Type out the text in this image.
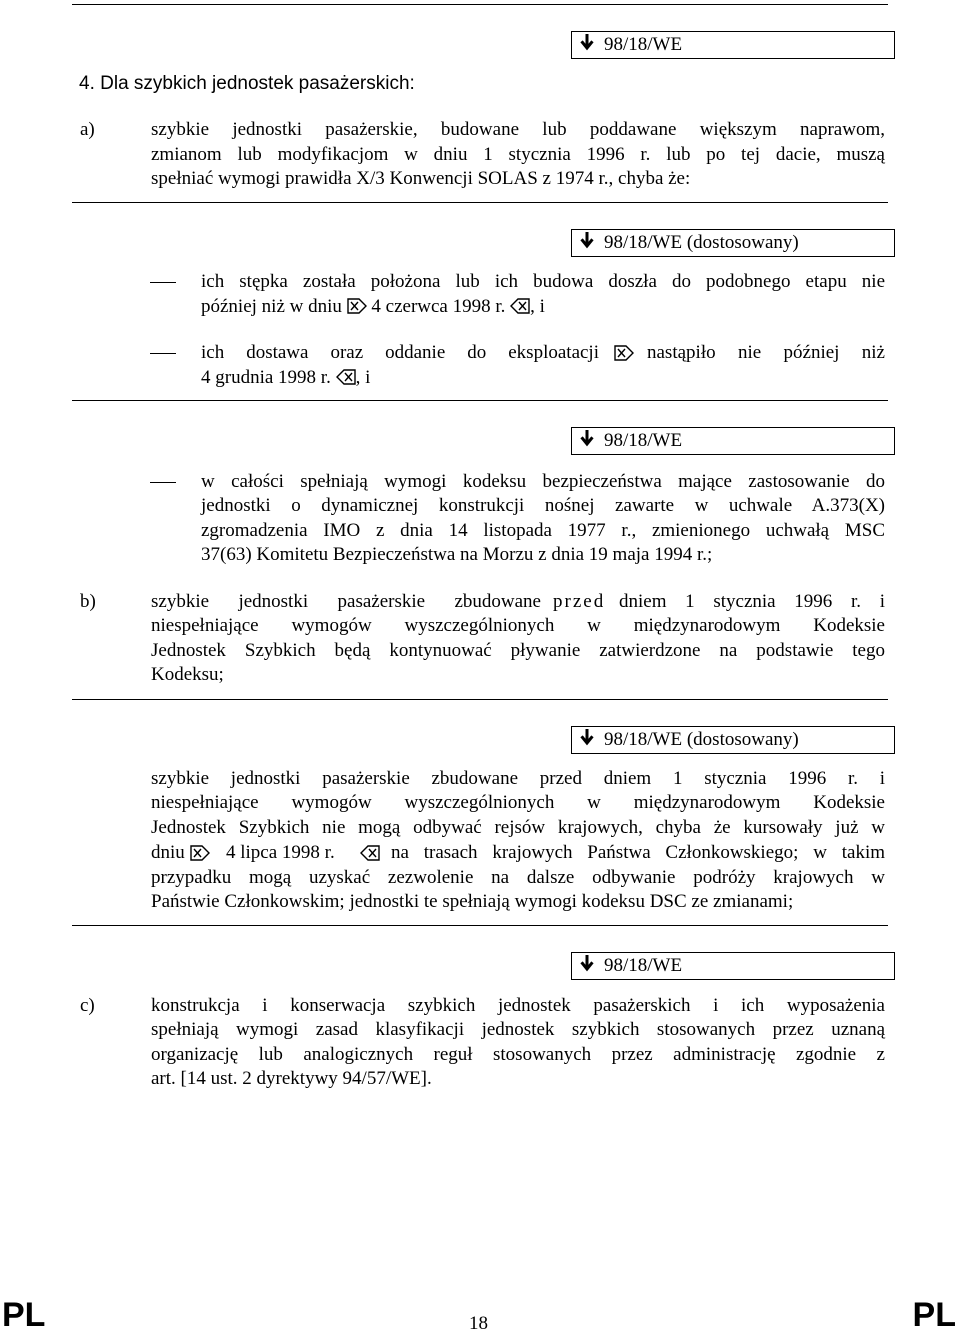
98/18/WE
4. Dla szybkich jednostek pasażerskich:
a)	szybkie jednostki pasażerskie, budowane lub poddawane większym naprawom,
zmianom lub modyfikacjom w dniu 1 stycznia 1996 r. lub po tej dacie, muszą
spełniać wymogi prawidła X/3 Konwencji SOLAS z 1974 r., chyba że:
98/18/WE (dostosowany)
ich stępka została położona lub ich budowa doszła do podobnego etapu nie
później niż w dniu 4 czerwca 1998 r. , i
ich dostawa oraz oddanie do eksploatacji	nastąpiło nie później niż
4 grudnia 1998 r. , i
98/18/WE
w całości spełniają wymogi kodeksu bezpieczeństwa mające zastosowanie do
jednostki o dynamicznej konstrukcji nośnej zawarte w uchwale A.373(X)
zgromadzenia IMO z dnia 14 listopada 1977 r., zmienionego uchwałą MSC
37(63) Komitetu Bezpieczeństwa na Morzu z dnia 19 maja 1994 r.;
b)	szybkie jednostki pasażerskie zbudowane przed dniem 1 stycznia 1996 r. i
niespełniające wymogów wyszczególnionych w międzynarodowym Kodeksie
Jednostek Szybkich będą kontynuować pływanie zatwierdzone na podstawie tego
Kodeksu;
98/18/WE (dostosowany)
szybkie jednostki pasażerskie zbudowane przed dniem 1 stycznia 1996 r. i
niespełniające wymogów wyszczególnionych w międzynarodowym Kodeksie
Jednostek Szybkich nie mogą odbywać rejsów krajowych, chyba że kursowały już w
dniu 4 lipca 1998 r.	na trasach krajowych Państwa Członkowskiego; w takim
przypadku mogą uzyskać zezwolenie na dalsze odbywanie podróży krajowych w
Państwie Członkowskim; jednostki te spełniają wymogi kodeksu DSC ze zmianami;
98/18/WE
c)	konstrukcja i konserwacja szybkich jednostek pasażerskich i ich wyposażenia
spełniają wymogi zasad klasyfikacji jednostek szybkich stosowanych przez uznaną
organizację lub analogicznych reguł stosowanych przez administrację zgodnie z
art. [14 ust. 2 dyrektywy 94/57/WE].
PL	18	PL
